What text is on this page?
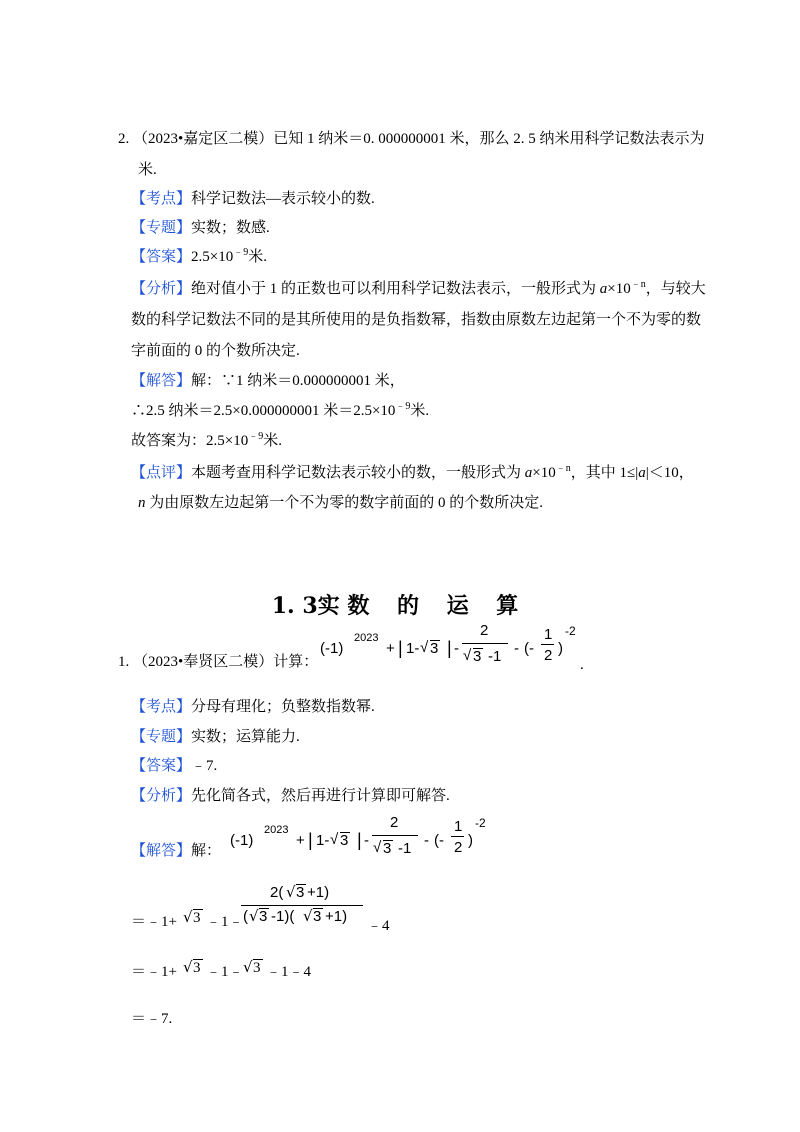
2. （2023•嘉定区二模）已知 1 纳米＝0. 000000001 米，那么 2. 5 纳米用科学记数法表示为
米.
【考点】科学记数法—表示较小的数.
【专题】实数；数感.
【答案】$2.5\times 10^{﹣9}$米.
【分析】绝对值小于 1 的正数也可以利用科学记数法表示，一般形式为 $a\times 10^{﹣n}$，与较大
数的科学记数法不同的是其所使用的是负指数幂，指数由原数左边起第一个不为零的数
字前面的 0 的个数所决定.
【解答】解：∵1 纳米＝0.000000001 米，
∴2.5 纳米＝2.5×0.000000001 米$=2.5\times 10^{﹣9}$米.
故答案为：$2.5\times 10^{﹣9}$米.
【点评】本题考查用科学记数法表示较小的数，一般形式为 $a\times 10^{﹣n}$，其中 1≤|a|＜10，
n 为由原数左边起第一个不为零的数字前面的 0 的个数所决定.
1. 3实 数 的 运 算
1. （2023•奉贤区二模）计算：
(-1)
2023
+ | 1- √ 3 | -
2
√ 3 -1 - (-
1
2 )
-2
.
【考点】分母有理化；负整数指数幂.
【专题】实数；运算能力.
【答案】﹣7.
【分析】先化简各式，然后再进行计算即可解答.
【解答】解：
(-1)
2023
+ | 1- √ 3 | -
2
√ 3 -1 - (-
1
2 )
-2
＝﹣1+ √ 3 ﹣1﹣
2( √ 3 +1)
( √ 3 -1)( √ 3 +1)
﹣4
＝﹣1+ √ 3 ﹣1﹣ √ 3 ﹣1﹣4
＝﹣7.
